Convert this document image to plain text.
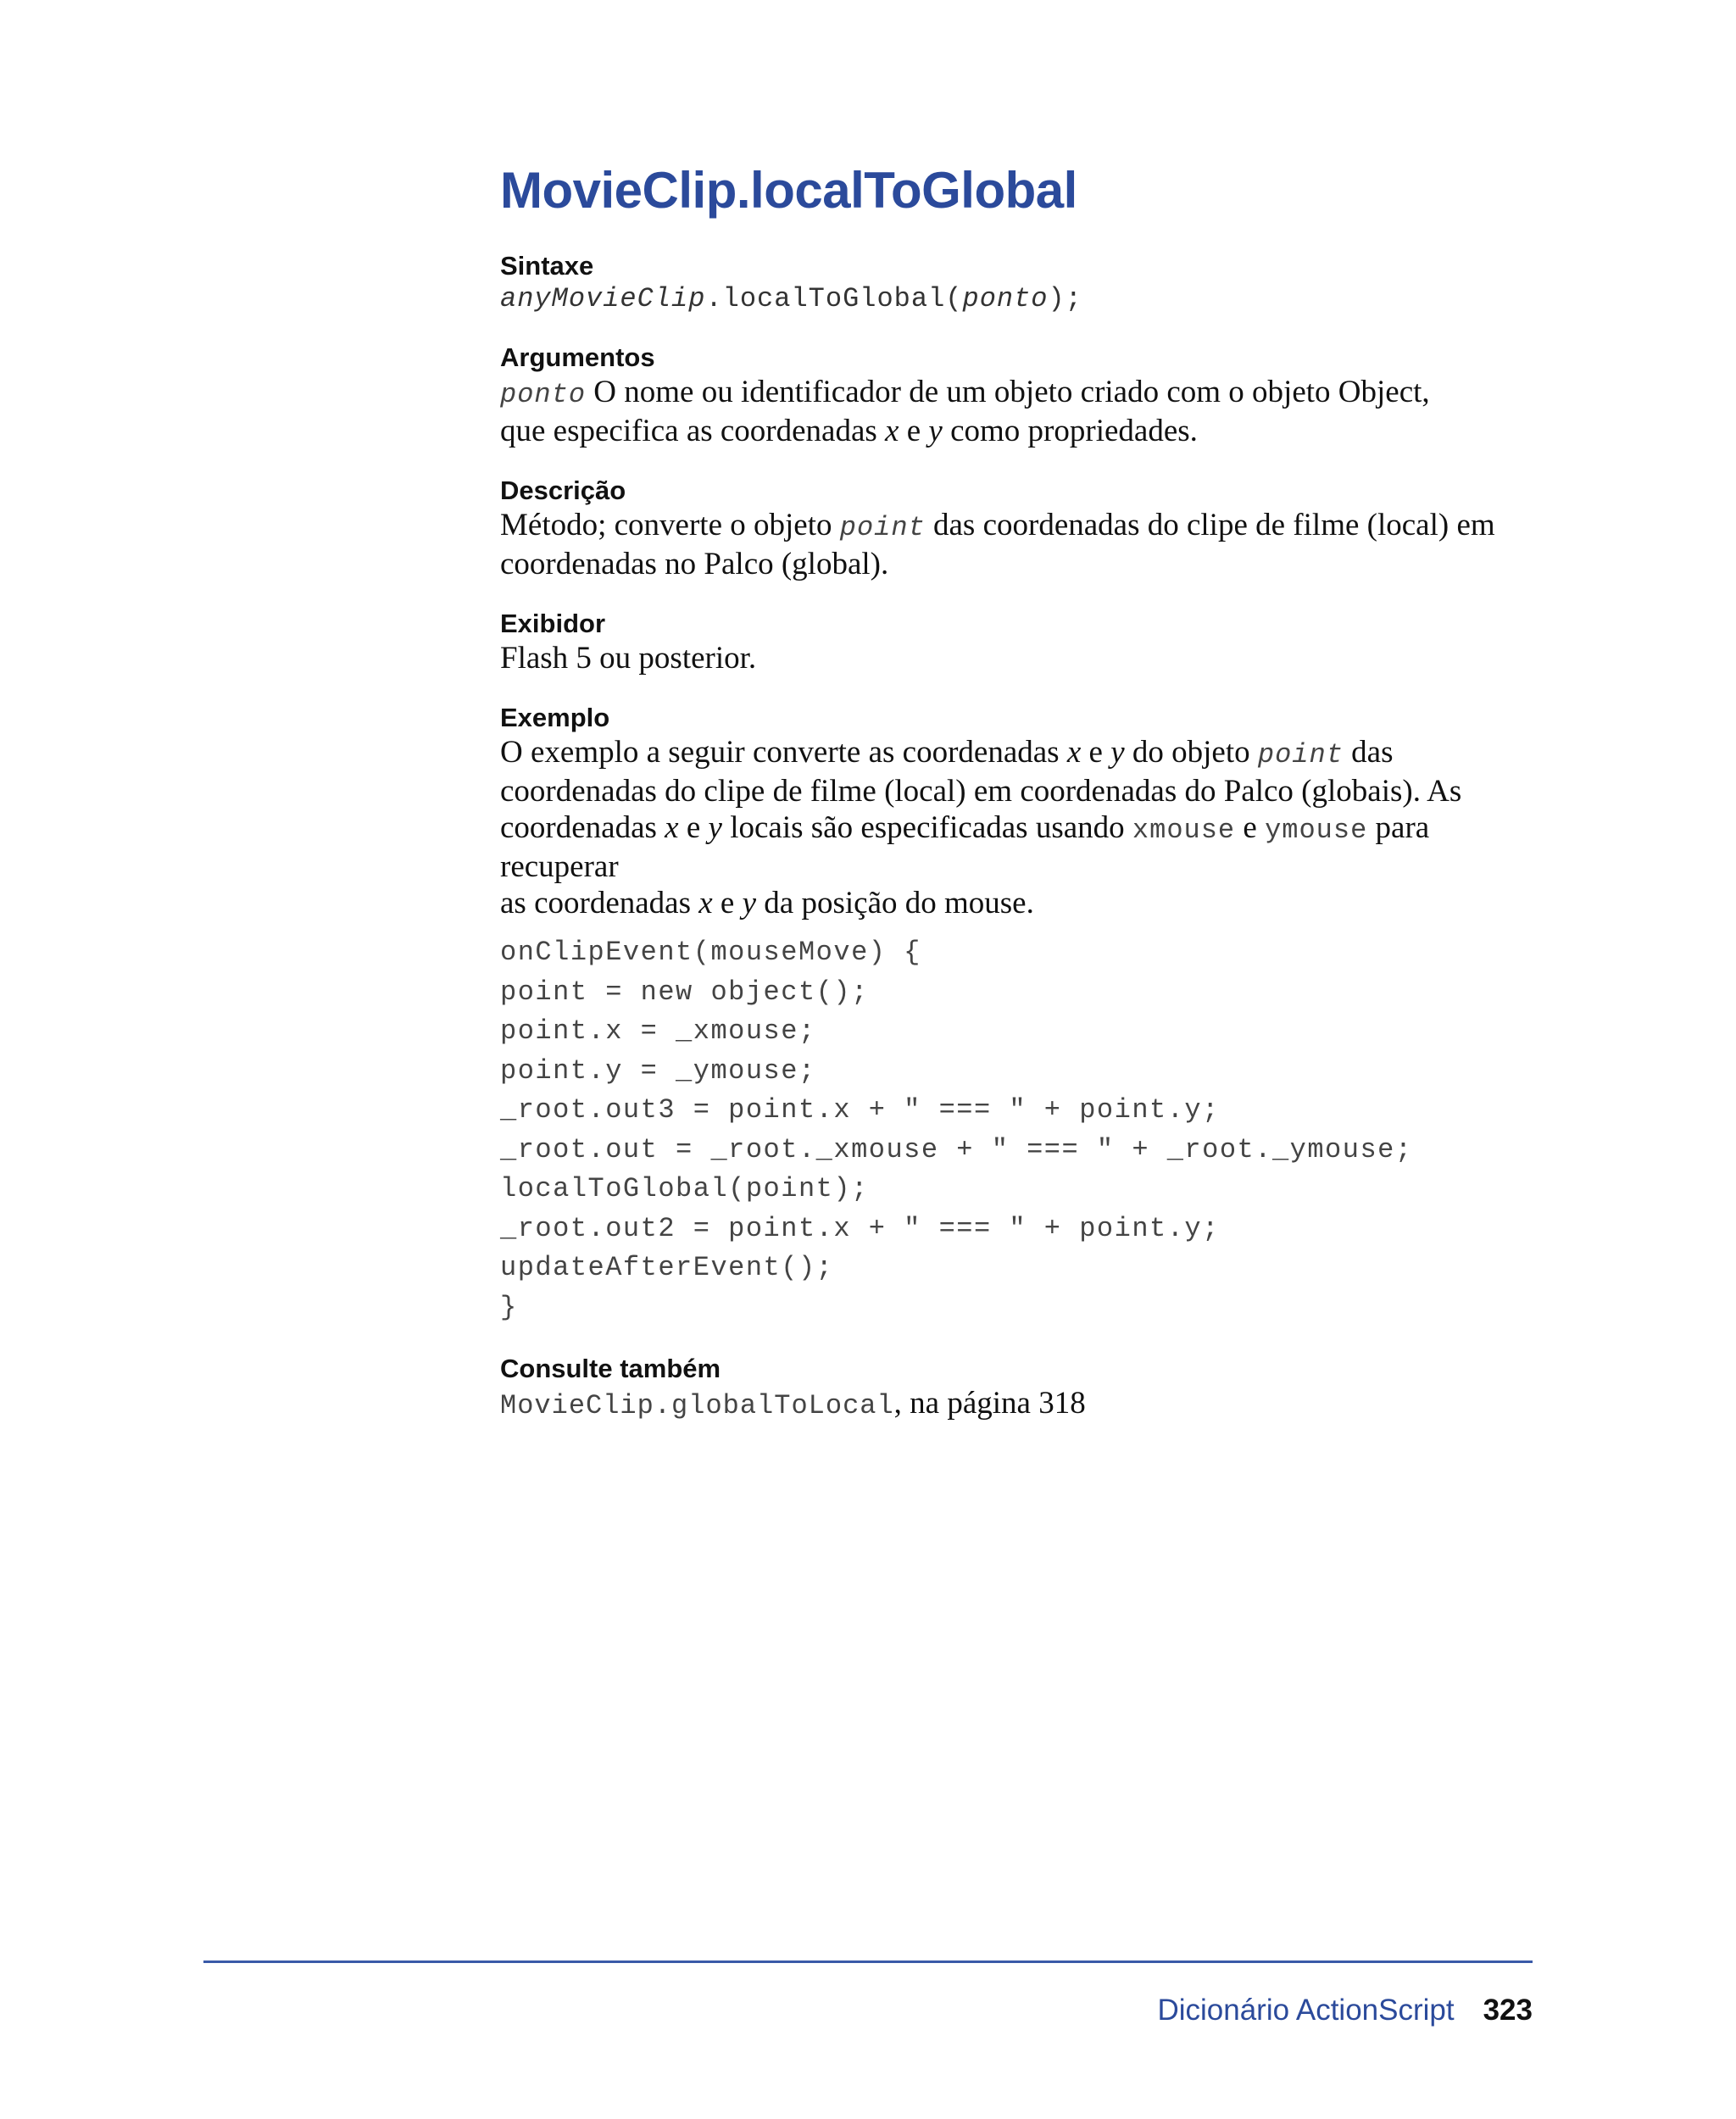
MovieClip.localToGlobal

Sintaxe

anyMovieClip.localToGlobal(ponto);

Argumentos

ponto O nome ou identificador de um objeto criado com o objeto Object,
que especifica as coordenadas x e y como propriedades.

Descrição

Método; converte o objeto point das coordenadas do clipe de filme (local) em
coordenadas no Palco (global).

Exibidor

Flash 5 ou posterior.

Exemplo

O exemplo a seguir converte as coordenadas x e y do objeto point das
coordenadas do clipe de filme (local) em coordenadas do Palco (globais). As
coordenadas x e y locais são especificadas usando xmouse e ymouse para recuperar
as coordenadas x e y da posição do mouse.

onClipEvent(mouseMove) {
point = new object();
point.x = _xmouse;
point.y = _ymouse;
_root.out3 = point.x + " === " + point.y;
_root.out = _root._xmouse + " === " + _root._ymouse;
localToGlobal(point);
_root.out2 = point.x + " === " + point.y;
updateAfterEvent();
}

Consulte também

MovieClip.globalToLocal, na página 318

Dicionário ActionScript 323
